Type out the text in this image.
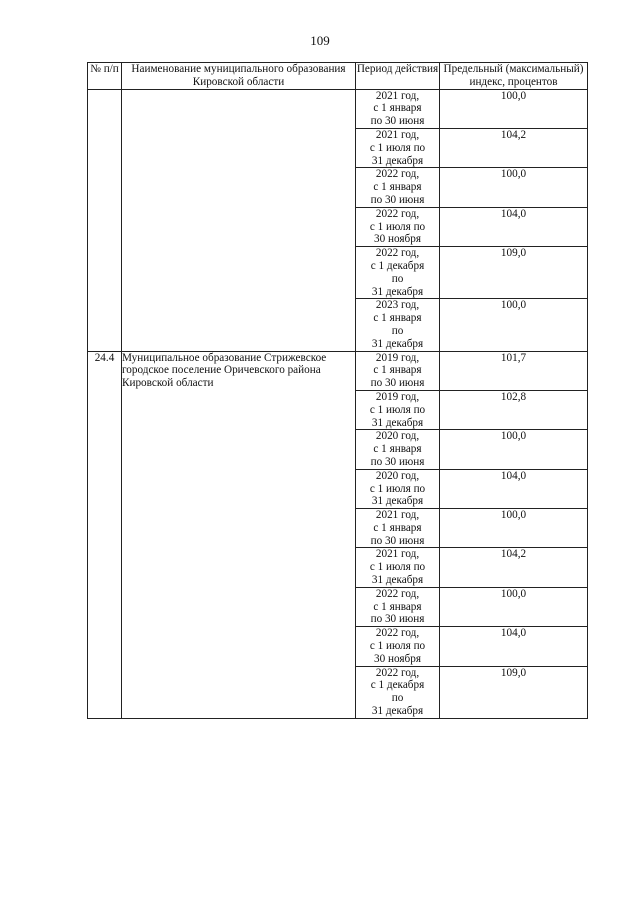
109
№ п/п	Наименование муниципального образования Кировской области	Период действия	Предельный (максимальный) индекс, процентов

		2021 год,
с 1 января
по 30 июня	100,0

		2021 год,
с 1 июля по
31 декабря	104,2

		2022 год,
с 1 января
по 30 июня	100,0

		2022 год,
с 1 июля по
30 ноября	104,0

		2022 год,
с 1 декабря
по
31 декабря	109,0

		2023 год,
с 1 января
по
31 декабря	100,0
24.4	Муниципальное образование Стрижевское городское поселение Оричевского района Кировской области	2019 год,
с 1 января
по 30 июня	101,7

		2019 год,
с 1 июля по
31 декабря	102,8

		2020 год,
с 1 января
по 30 июня	100,0

		2020 год,
с 1 июля по
31 декабря	104,0

		2021 год,
с 1 января
по 30 июня	100,0

		2021 год,
с 1 июля по
31 декабря	104,2

		2022 год,
с 1 января
по 30 июня	100,0

		2022 год,
с 1 июля по
30 ноября	104,0

		2022 год,
с 1 декабря
по
31 декабря	109,0
